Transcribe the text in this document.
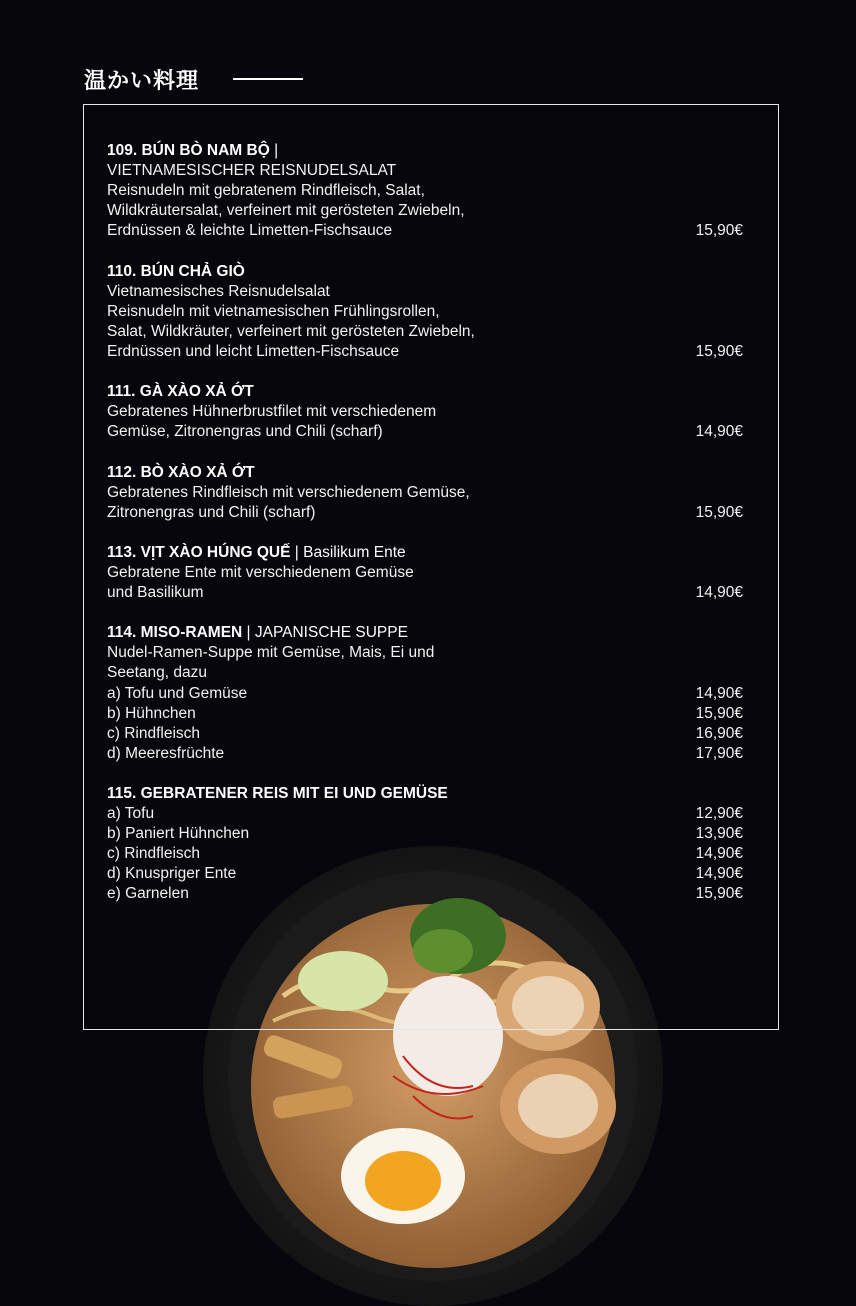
温かい料理
109. BÚN BÒ NAM BỘ |
VIETNAMESISCHER REISNUDELSALAT
Reisnudeln mit gebratenem Rindfleisch, Salat,
Wildkräutersalat, verfeinert mit gerösteten Zwiebeln,
Erdnüssen & leichte Limetten-Fischsauce	15,90€
110. BÚN CHẢ GIÒ
Vietnamesisches Reisnudelsalat
Reisnudeln mit vietnamesischen Frühlingsrollen,
Salat, Wildkräuter, verfeinert mit gerösteten Zwiebeln,
Erdnüssen und leicht Limetten-Fischsauce	15,90€
111. GÀ XÀO XẢ ỚT
Gebratenes Hühnerbrustfilet mit verschiedenem
Gemüse, Zitronengras und Chili (scharf)	14,90€
112. BÒ XÀO XẢ ỚT
Gebratenes Rindfleisch mit verschiedenem Gemüse,
Zitronengras und Chili (scharf)	15,90€
113. VỊT XÀO HÚNG QUẾ | Basilikum Ente
Gebratene Ente mit verschiedenem Gemüse
und Basilikum	14,90€
114. MISO-RAMEN | JAPANISCHE SUPPE
Nudel-Ramen-Suppe mit Gemüse, Mais, Ei und
Seetang, dazu
a) Tofu und Gemüse	14,90€
b) Hühnchen	15,90€
c) Rindfleisch	16,90€
d) Meeresfrüchte	17,90€
115. GEBRATENER REIS MIT EI UND GEMÜSE
a) Tofu	12,90€
b) Paniert Hühnchen	13,90€
c) Rindfleisch	14,90€
d) Knuspriger Ente	14,90€
e) Garnelen	15,90€
